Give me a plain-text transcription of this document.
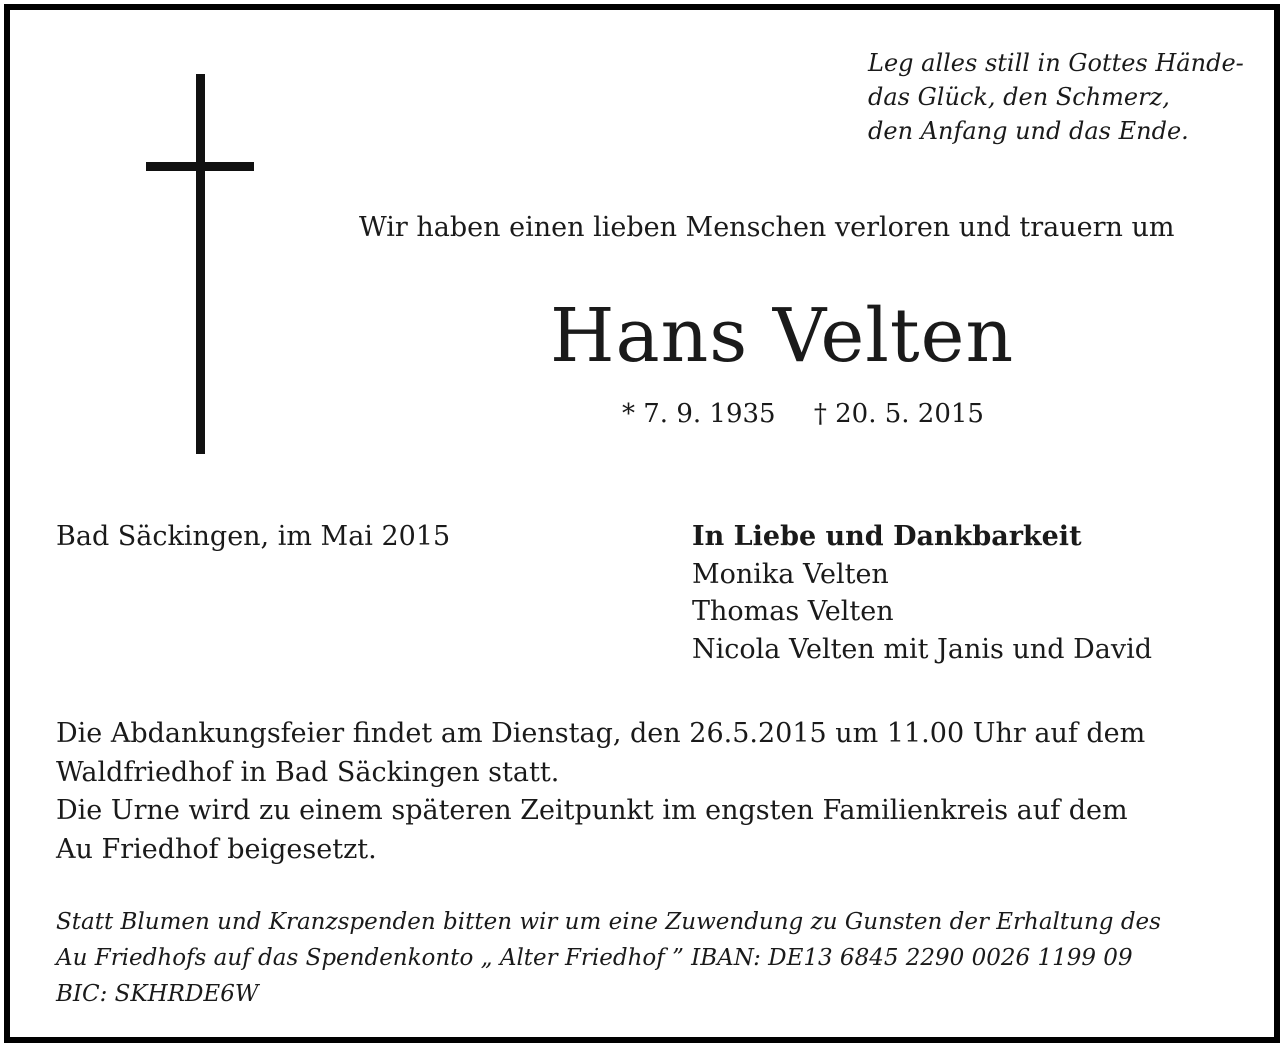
Leg alles still in Gottes Hände-
das Glück, den Schmerz,
den Anfang und das Ende.
Wir haben einen lieben Menschen verloren und trauern um
Hans Velten
* 7. 9. 1935 † 20. 5. 2015
Bad Säckingen, im Mai 2015	In Liebe und Dankbarkeit
Monika Velten
Thomas Velten
Nicola Velten mit Janis und David

Die Abdankungsfeier findet am Dienstag, den 26.5.2015 um 11.00 Uhr auf dem

Waldfriedhof in Bad Säckingen statt.

Die Urne wird zu einem späteren Zeitpunkt im engsten Familienkreis auf dem

Au Friedhof beigesetzt.

Statt Blumen und Kranzspenden bitten wir um eine Zuwendung zu Gunsten der Erhaltung des

Au Friedhofs auf das Spendenkonto „ Alter Friedhof ” IBAN: DE13 6845 2290 0026 1199 09

BIC: SKHRDE6W
